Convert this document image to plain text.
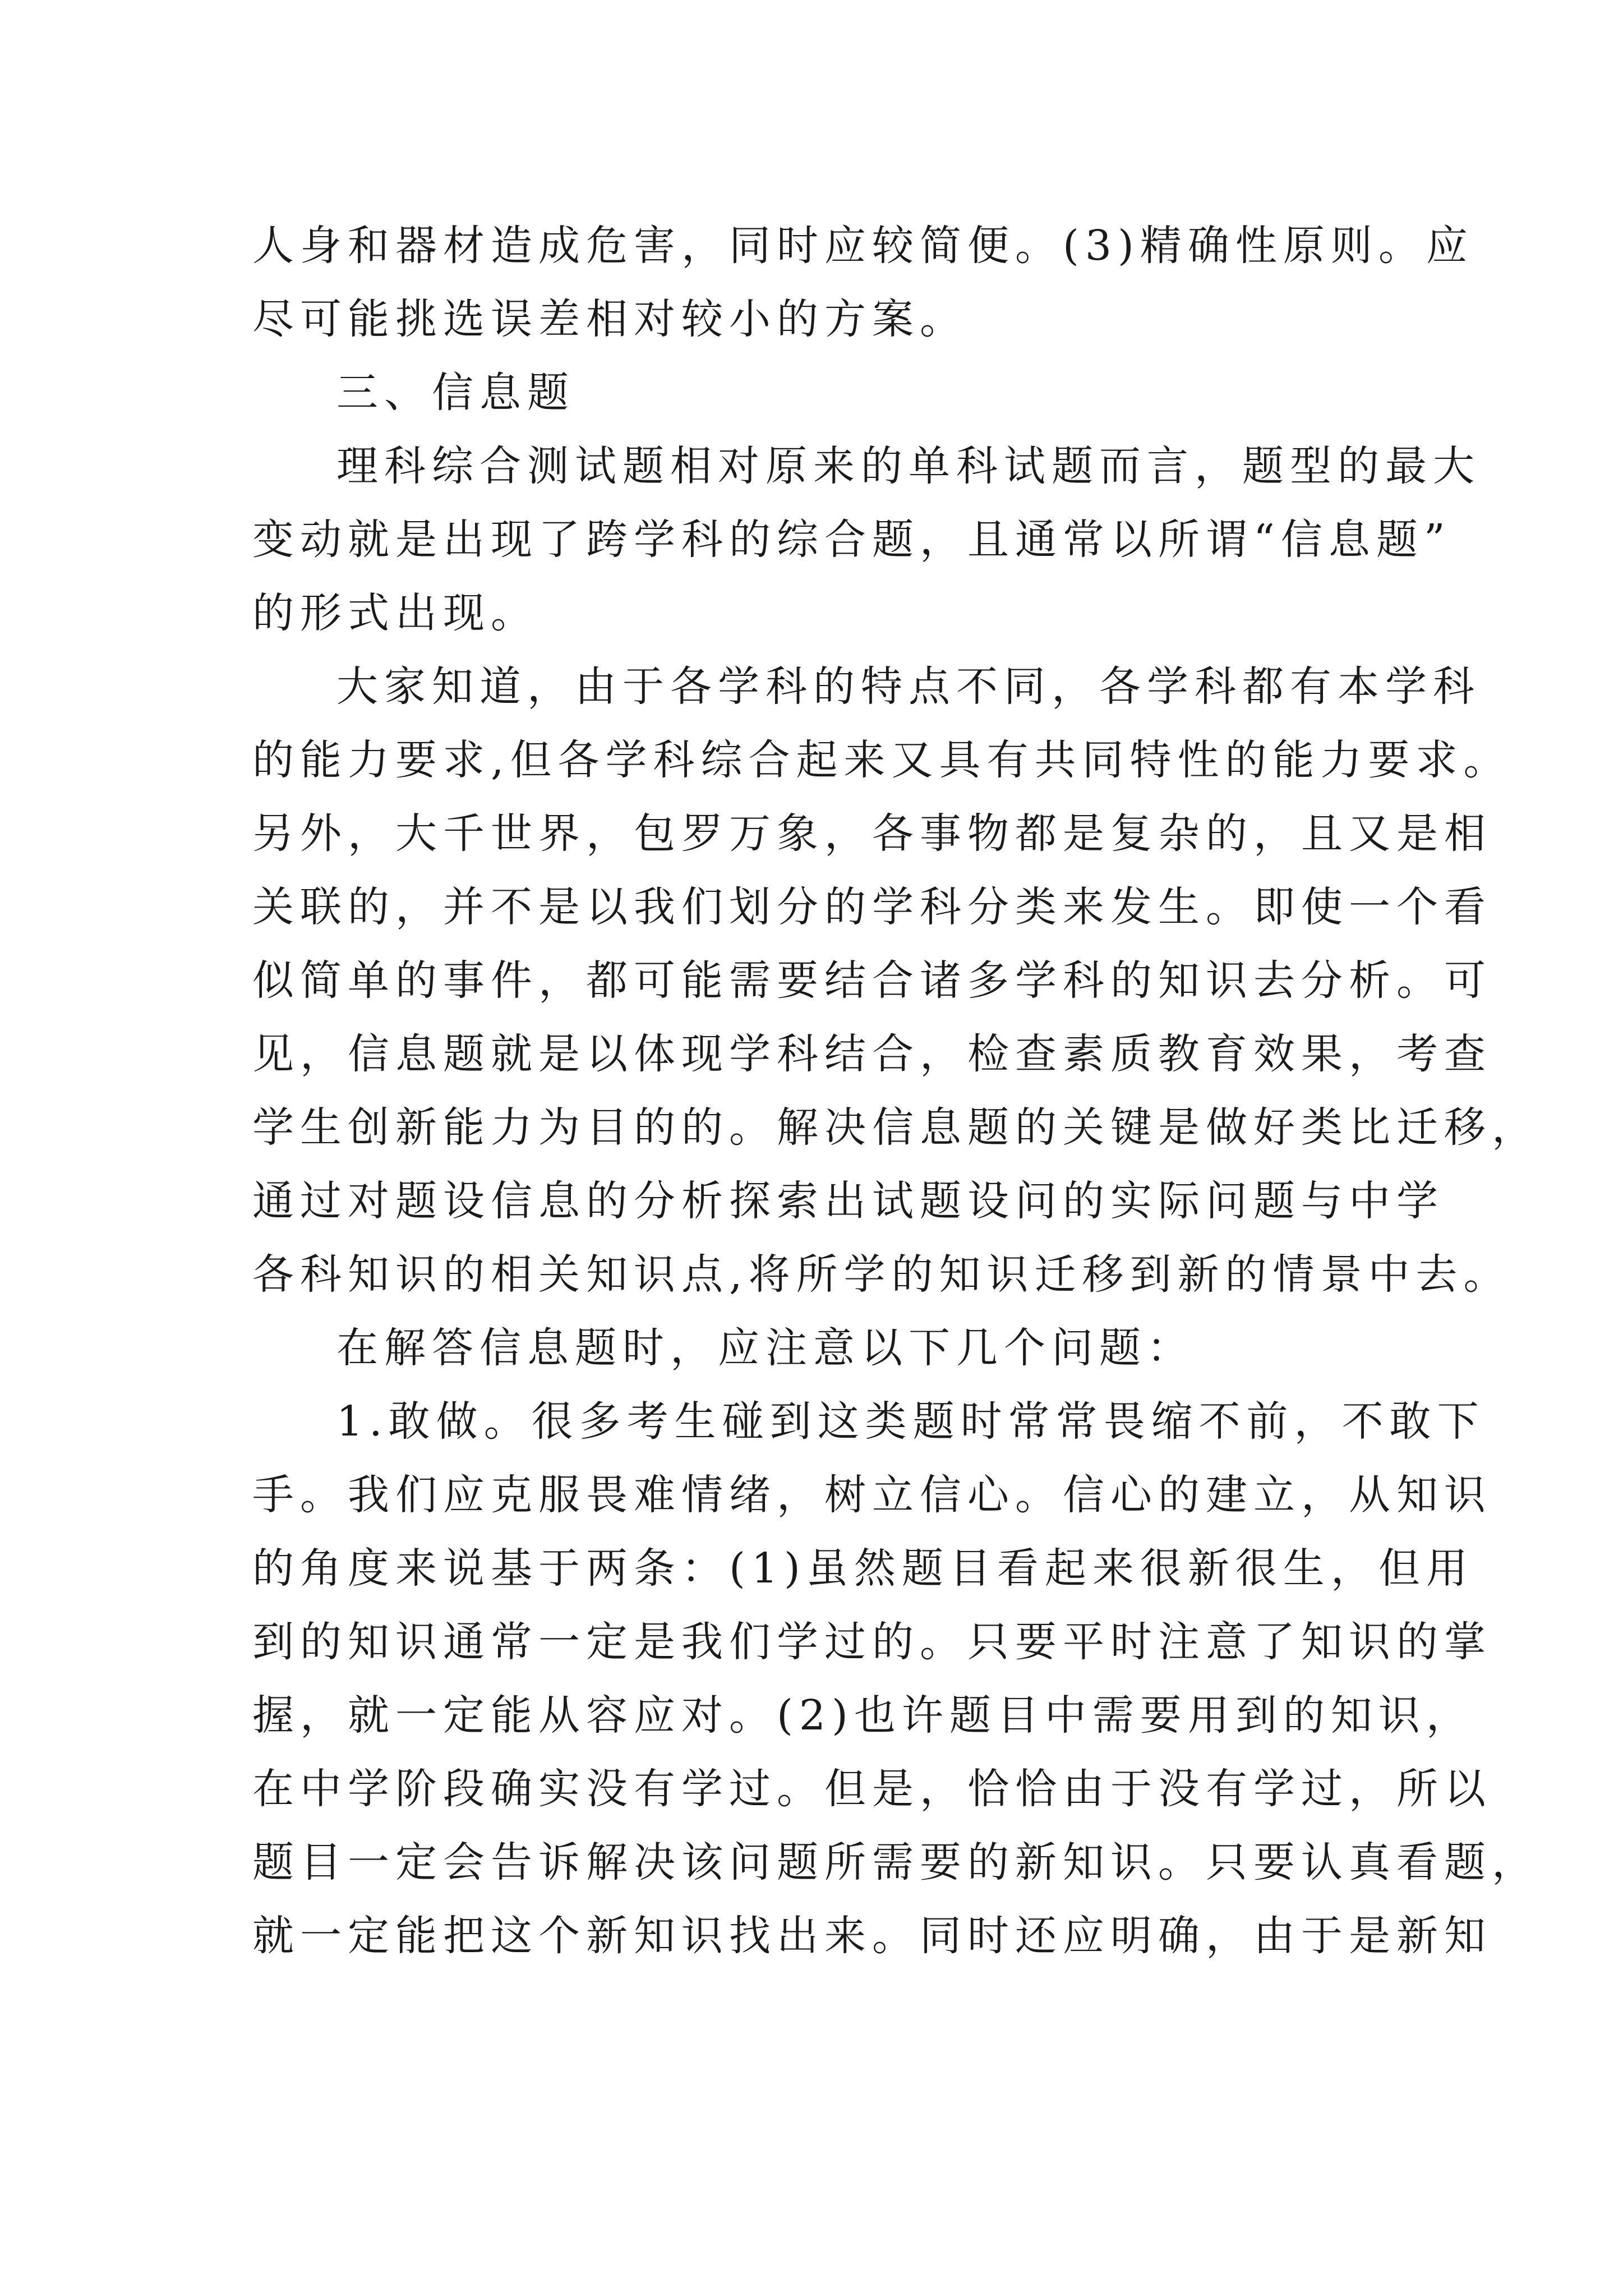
人身和器材造成危害，同时应较简便。(3)精确性原则。应
尽可能挑选误差相对较小的方案。
三、信息题
理科综合测试题相对原来的单科试题而言，题型的最大
变动就是出现了跨学科的综合题，且通常以所谓“信息题”
的形式出现。
大家知道，由于各学科的特点不同，各学科都有本学科
的能力要求,但各学科综合起来又具有共同特性的能力要求。
另外，大千世界，包罗万象，各事物都是复杂的，且又是相
关联的，并不是以我们划分的学科分类来发生。即使一个看
似简单的事件，都可能需要结合诸多学科的知识去分析。可
见，信息题就是以体现学科结合，检查素质教育效果，考查
学生创新能力为目的的。解决信息题的关键是做好类比迁移，
通过对题设信息的分析探索出试题设问的实际问题与中学
各科知识的相关知识点,将所学的知识迁移到新的情景中去。
在解答信息题时，应注意以下几个问题：
1.敢做。很多考生碰到这类题时常常畏缩不前，不敢下
手。我们应克服畏难情绪，树立信心。信心的建立，从知识
的角度来说基于两条：(1)虽然题目看起来很新很生，但用
到的知识通常一定是我们学过的。只要平时注意了知识的掌
握，就一定能从容应对。(2)也许题目中需要用到的知识，
在中学阶段确实没有学过。但是，恰恰由于没有学过，所以
题目一定会告诉解决该问题所需要的新知识。只要认真看题，
就一定能把这个新知识找出来。同时还应明确，由于是新知
